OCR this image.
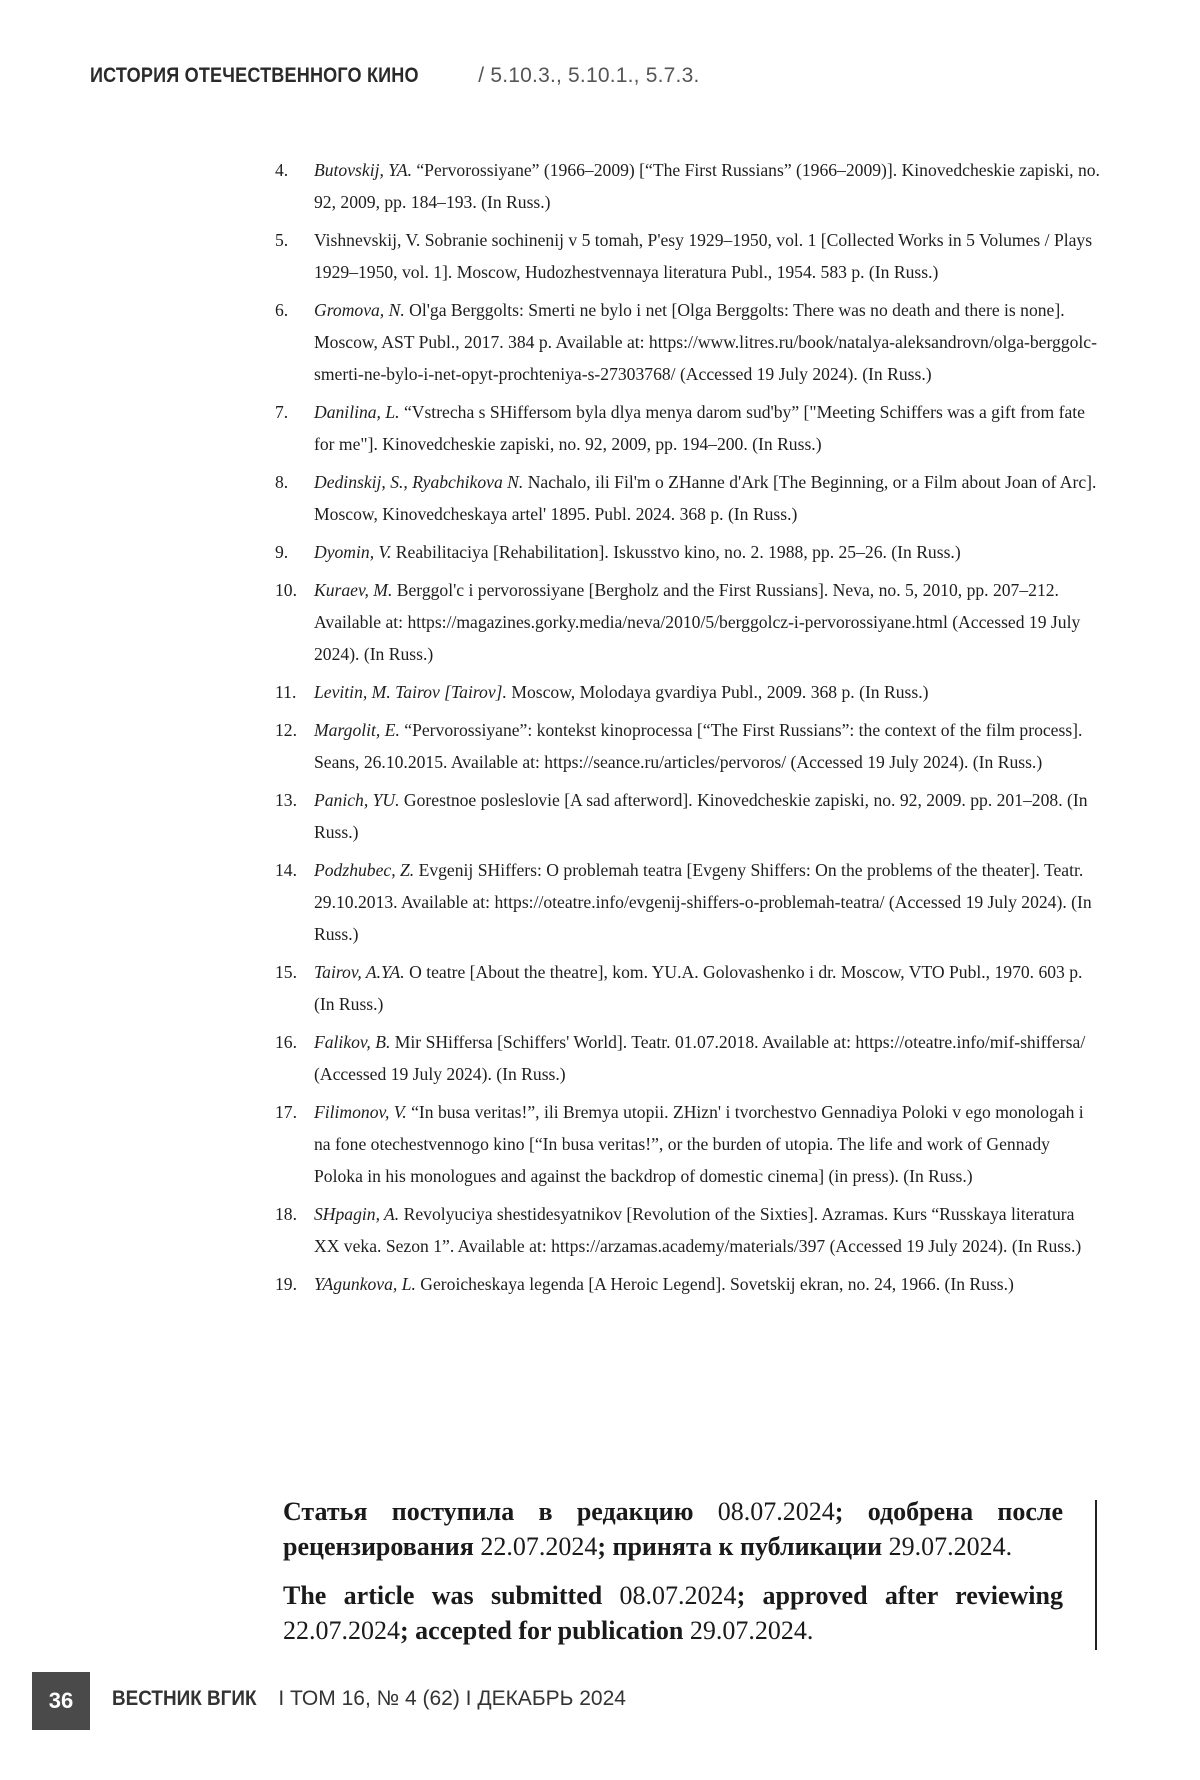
ИСТОРИЯ ОТЕЧЕСТВЕННОГО КИНО	/ 5.10.3., 5.10.1., 5.7.3.
4. Butovskij, YA. “Pervorossiyane” (1966–2009) [“The First Russians” (1966–2009)]. Kinovedcheskie zapiski, no. 92, 2009, pp. 184–193. (In Russ.)
5. Vishnevskij, V. Sobranie sochinenij v 5 tomah, P'esy 1929–1950, vol. 1 [Collected Works in 5 Volumes / Plays 1929–1950, vol. 1]. Moscow, Hudozhestvennaya literatura Publ., 1954. 583 p. (In Russ.)
6. Gromova, N. Ol'ga Berggolts: Smerti ne bylo i net [Olga Berggolts: There was no death and there is none]. Moscow, AST Publ., 2017. 384 p. Available at: https://www.litres.ru/book/natalya-aleksandrovn/olga-berggolc-smerti-ne-bylo-i-net-opyt-prochteniya-s-27303768/ (Accessed 19 July 2024). (In Russ.)
7. Danilina, L. “Vstrecha s SHiffersom byla dlya menya darom sud'by” ["Meeting Schiffers was a gift from fate for me"]. Kinovedcheskie zapiski, no. 92, 2009, pp. 194–200. (In Russ.)
8. Dedinskij, S., Ryabchikova N. Nachalo, ili Fil'm o ZHanne d'Ark [The Beginning, or a Film about Joan of Arc]. Moscow, Kinovedcheskaya artel' 1895. Publ. 2024. 368 p. (In Russ.)
9. Dyomin, V. Reabilitaciya [Rehabilitation]. Iskusstvo kino, no. 2. 1988, pp. 25–26. (In Russ.)
10. Kuraev, M. Berggol'c i pervorossiyane [Bergholz and the First Russians]. Neva, no. 5, 2010, pp. 207–212. Available at: https://magazines.gorky.media/neva/2010/5/berggolcz-i-pervorossiyane.html (Accessed 19 July 2024). (In Russ.)
11. Levitin, M. Tairov [Tairov]. Moscow, Molodaya gvardiya Publ., 2009. 368 p. (In Russ.)
12. Margolit, E. “Pervorossiyane”: kontekst kinoprocessa [“The First Russians”: the context of the film process]. Seans, 26.10.2015. Available at: https://seance.ru/articles/pervoros/ (Accessed 19 July 2024). (In Russ.)
13. Panich, YU. Gorestnoe posleslovie [A sad afterword]. Kinovedcheskie zapiski, no. 92, 2009. pp. 201–208. (In Russ.)
14. Podzhubec, Z. Evgenij SHiffers: O problemah teatra [Evgeny Shiffers: On the problems of the theater]. Teatr. 29.10.2013. Available at: https://oteatre.info/evgenij-shiffers-o-problemah-teatra/ (Accessed 19 July 2024). (In Russ.)
15. Tairov, A.YA. O teatre [About the theatre], kom. YU.A. Golovashenko i dr. Moscow, VTO Publ., 1970. 603 p. (In Russ.)
16. Falikov, B. Mir SHiffersa [Schiffers' World]. Teatr. 01.07.2018. Available at: https://oteatre.info/mif-shiffersa/ (Accessed 19 July 2024). (In Russ.)
17. Filimonov, V. “In busa veritas!”, ili Bremya utopii. ZHizn' i tvorchestvo Gennadiya Poloki v ego monologah i na fone otechestvennogo kino [“In busa veritas!”, or the burden of utopia. The life and work of Gennady Poloka in his monologues and against the backdrop of domestic cinema] (in press). (In Russ.)
18. SHpagin, A. Revolyuciya shestidesyatnikov [Revolution of the Sixties]. Azramas. Kurs “Russkaya literatura XX veka. Sezon 1”. Available at: https://arzamas.academy/materials/397 (Accessed 19 July 2024). (In Russ.)
19. YAgunkova, L. Geroicheskaya legenda [A Heroic Legend]. Sovetskij ekran, no. 24, 1966. (In Russ.)

Статья поступила в редакцию 08.07.2024; одобрена после рецензирования 22.07.2024; принята к публикации 29.07.2024.

The article was submitted 08.07.2024; approved after reviewing 22.07.2024; accepted for publication 29.07.2024.

36	ВЕСТНИК ВГИК I ТОМ 16, № 4 (62) I ДЕКАБРЬ 2024
